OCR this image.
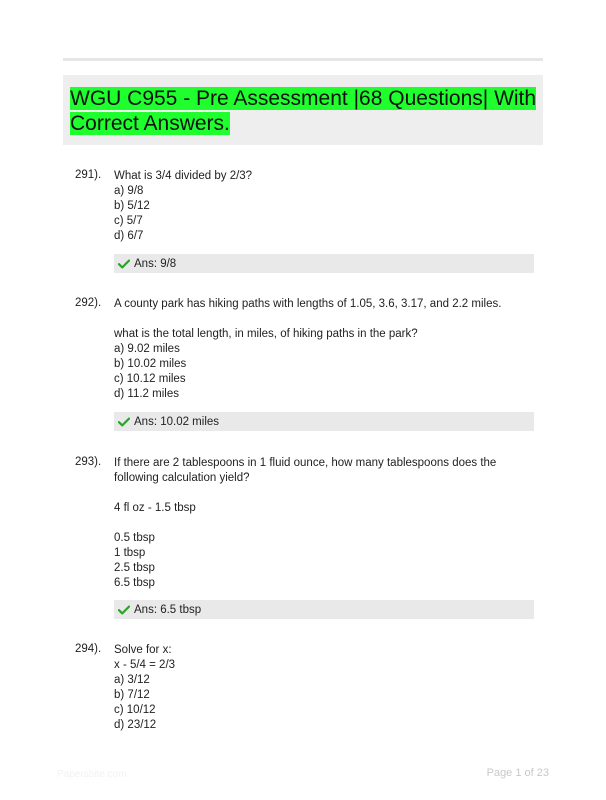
WGU C955 - Pre Assessment |68 Questions| With Correct Answers.
291). What is 3/4 divided by 2/3?
a) 9/8
b) 5/12
c) 5/7
d) 6/7
Ans: 9/8
292). A county park has hiking paths with lengths of 1.05, 3.6, 3.17, and 2.2 miles.
what is the total length, in miles, of hiking paths in the park?
a) 9.02 miles
b) 10.02 miles
c) 10.12 miles
d) 11.2 miles
Ans: 10.02 miles
293). If there are 2 tablespoons in 1 fluid ounce, how many tablespoons does the following calculation yield?
4 fl oz - 1.5 tbsp
0.5 tbsp
1 tbsp
2.5 tbsp
6.5 tbsp
Ans: 6.5 tbsp
294). Solve for x:
x - 5/4 = 2/3
a) 3/12
b) 7/12
c) 10/12
d) 23/12
Papersbite.com	Page 1 of 23
